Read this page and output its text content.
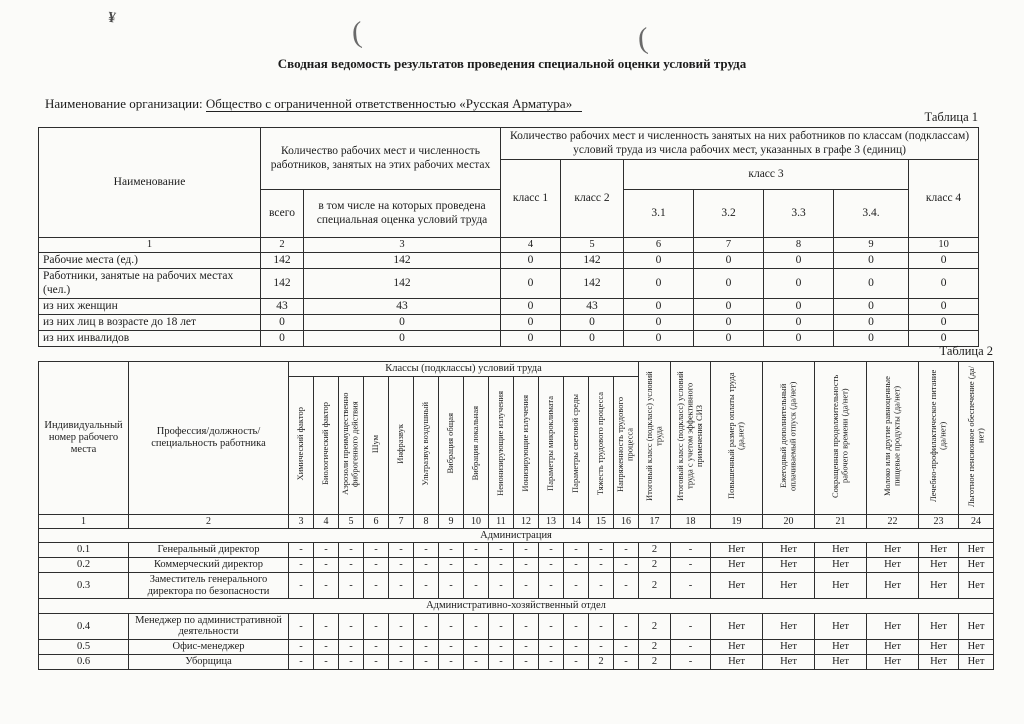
¥	(	(
Сводная ведомость результатов проведения специальной оценки условий труда
Наименование организации: Общество с ограниченной ответственностью «Русская Арматура»
Таблица 1
Наименование	Количество рабочих мест и численность работников, занятых на этих рабочих местах		Количество рабочих мест и численность занятых на них работников по классам (подклассам) условий труда из числа рабочих мест, указанных в графе 3 (единиц)						
			класс 1	класс 2	класс 3				класс 4
	всего	в том числе на которых проведена специальная оценка условий труда			3.1	3.2	3.3	3.4.	
1	2	3	4	5	6	7	8	9	10
Рабочие места (ед.)	142	142	0	142	0	0	0	0	0
Работники, занятые на рабочих местах (чел.)	142	142	0	142	0	0	0	0	0
из них женщин	43	43	0	43	0	0	0	0	0
из них лиц в возрасте до 18 лет	0	0	0	0	0	0	0	0	0
из них инвалидов	0	0	0	0	0	0	0	0	0
Таблица 2
Индивидуальный номер рабочего места	Профессия/должность/специальность работника	Классы (подклассы) условий труда														Итоговый класс (подкласс) условий труда	Итоговый класс (подкласс) условий труда с учетом эффективного применения СИЗ	Повышенный размер оплаты труда (да,нет)	Ежегодный дополнительный оплачиваемый отпуск (да/нет)	Сокращенная продолжительность рабочего времени (да/нет)	Молоко или другие равноценные пищевые продукты (да/нет)	Лечебно-профилактическое питание (да/нет)	Льготное пенсионное обеспечение (да/нет)
		Химический фактор	Биологический фактор	Аэрозоли преимущественно фиброгенного действия	Шум	Инфразвук	Ультразвук воздушный	Вибрация общая	Вибрация локальная	Неионизирующие излучения	Ионизирующие излучения	Параметры микроклимата	Параметры световой среды	Тяжесть трудового процесса	Напряженность трудового процесса								
1	2	3	4	5	6	7	8	9	10	11	12	13	14	15	16	17	18	19	20	21	22	23	24
Администрация																							
0.1	Генеральный директор	-	-	-	-	-	-	-	-	-	-	-	-	-	-	2	-	Нет	Нет	Нет	Нет	Нет	Нет
0.2	Коммерческий директор	-	-	-	-	-	-	-	-	-	-	-	-	-	-	2	-	Нет	Нет	Нет	Нет	Нет	Нет
0.3	Заместитель генерального директора по безопасности	-	-	-	-	-	-	-	-	-	-	-	-	-	-	2	-	Нет	Нет	Нет	Нет	Нет	Нет
Административно-хозяйственный отдел																							
0.4	Менеджер по административной деятельности	-	-	-	-	-	-	-	-	-	-	-	-	-	-	2	-	Нет	Нет	Нет	Нет	Нет	Нет
0.5	Офис-менеджер	-	-	-	-	-	-	-	-	-	-	-	-	-	-	2	-	Нет	Нет	Нет	Нет	Нет	Нет
0.6	Уборщица	-	-	-	-	-	-	-	-	-	-	-	-	2	-	2	-	Нет	Нет	Нет	Нет	Нет	Нет
